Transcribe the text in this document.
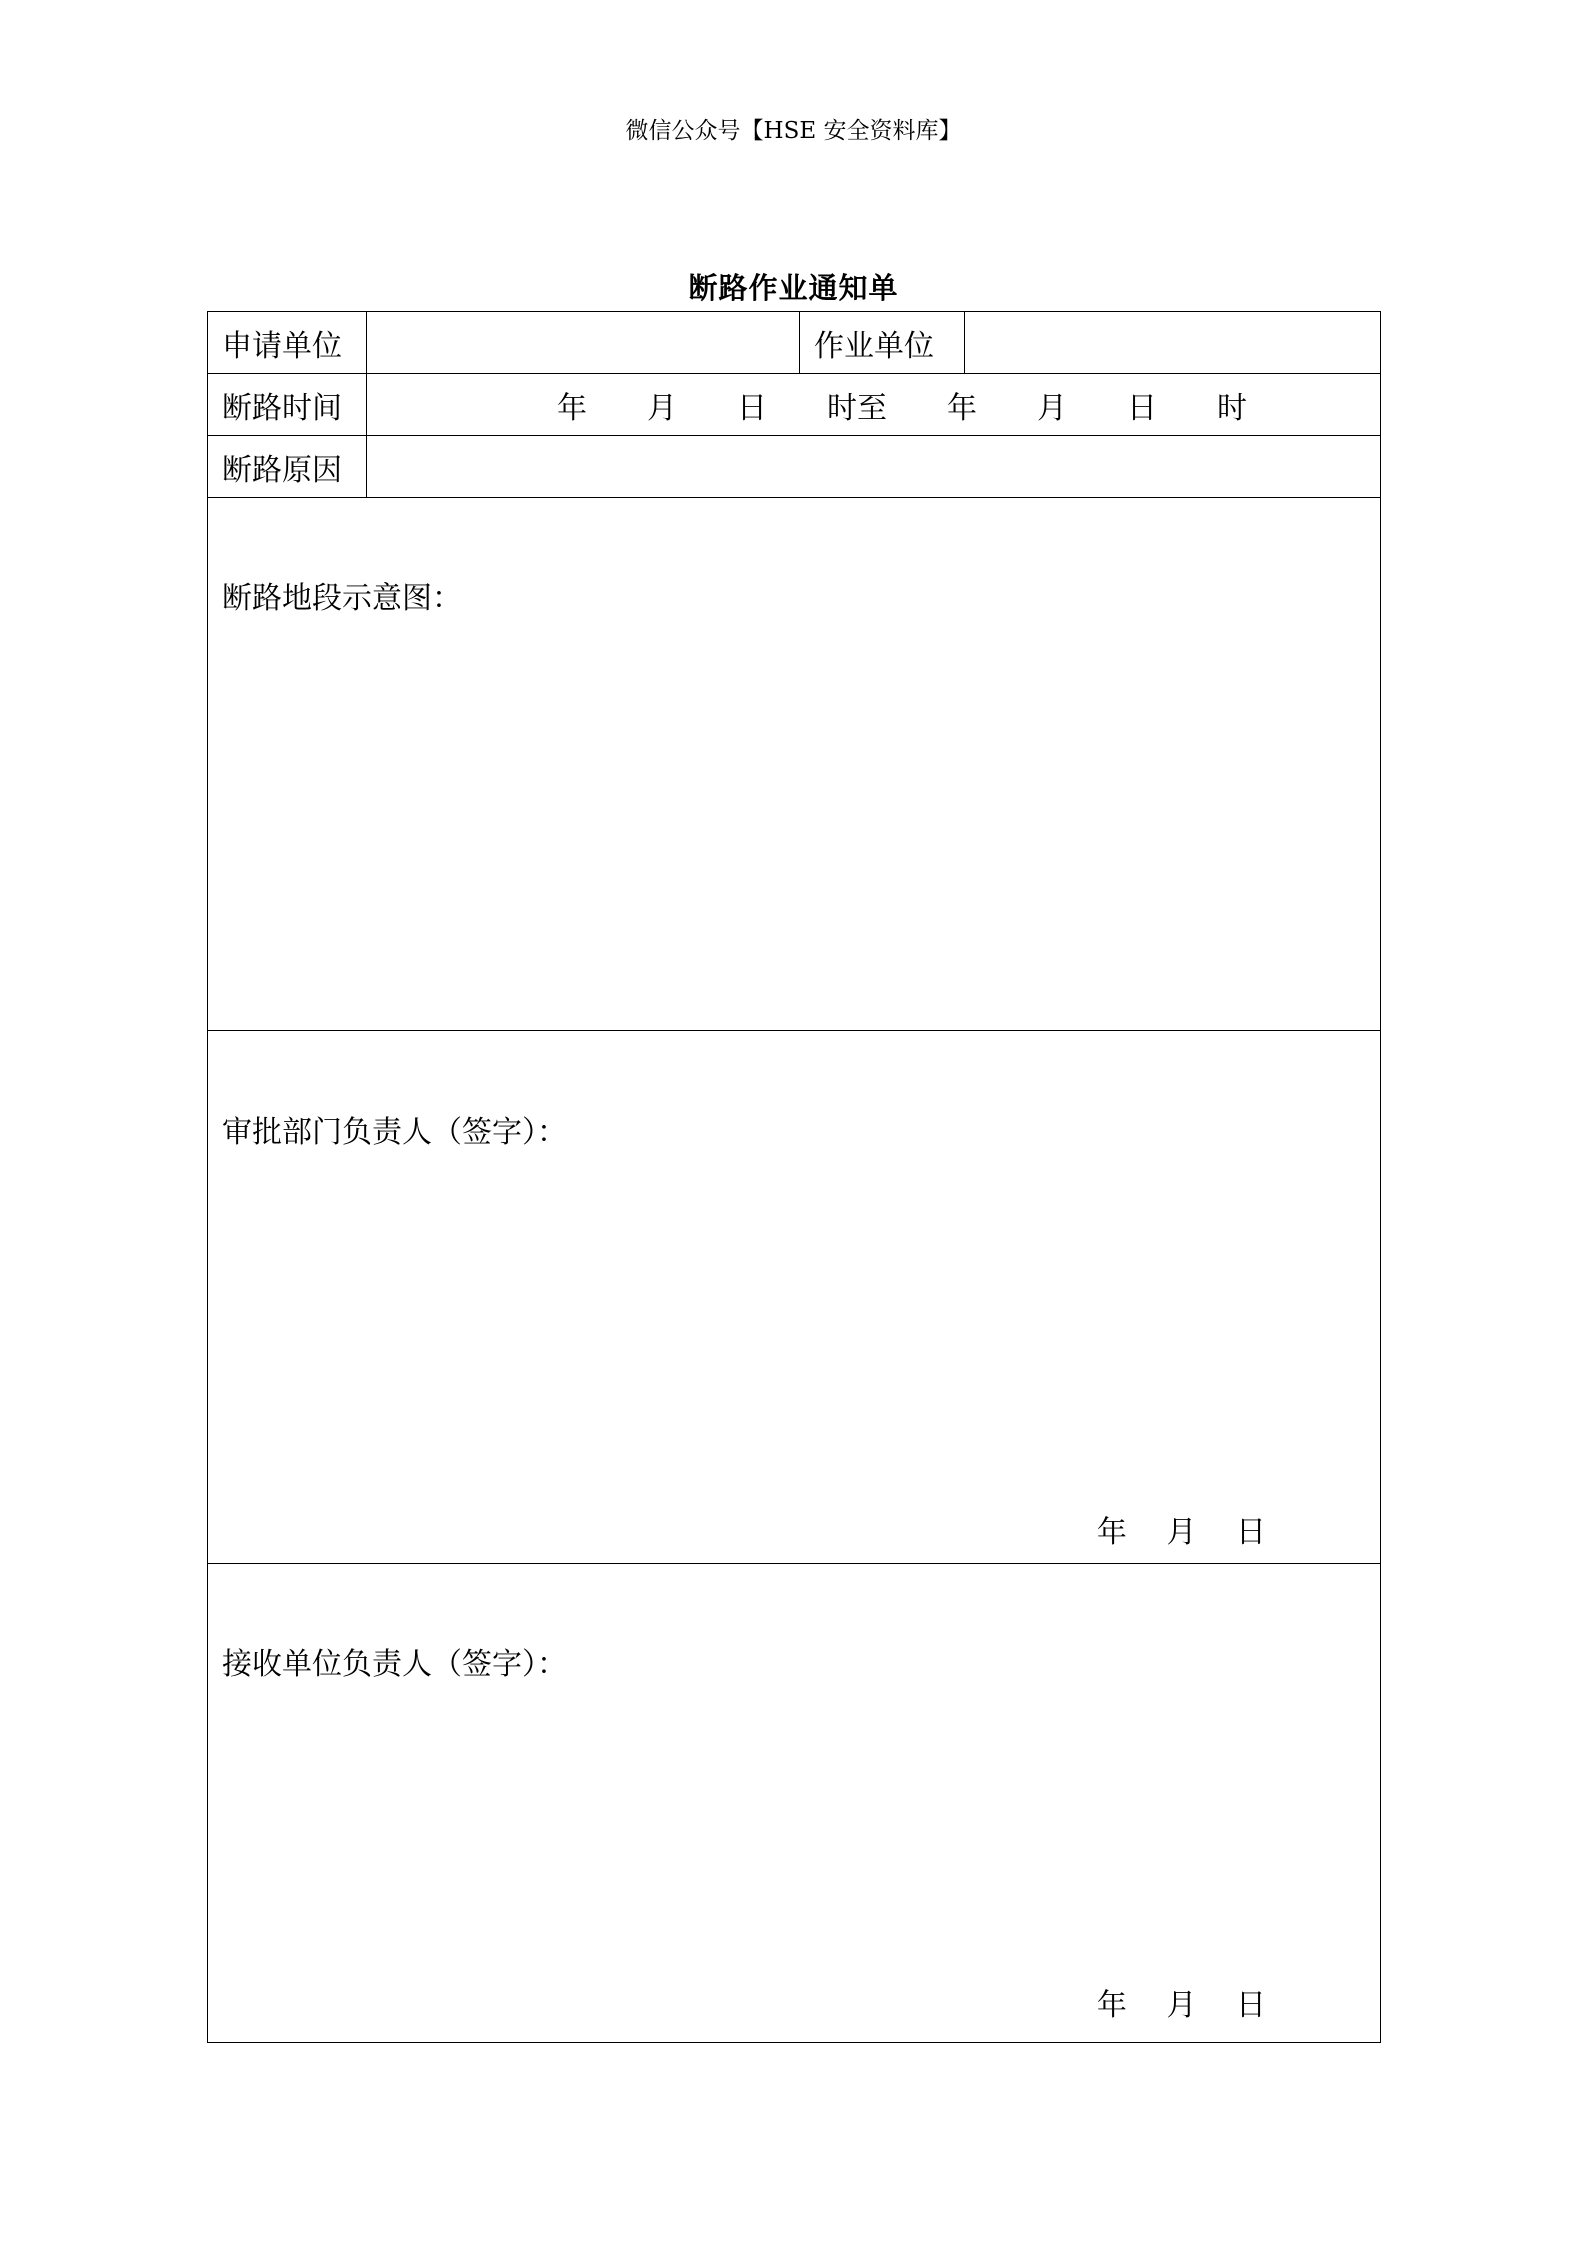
微信公众号【HSE 安全资料库】
断路作业通知单
申请单位		作业单位	
断路时间	年　　月　　日　　时至　　年　　月　　日　　时		

断路原因			

断路地段示意图：			

审批部门负责人（签字）：
年　 月　 日			

接收单位负责人（签字）：
年　 月　 日			
